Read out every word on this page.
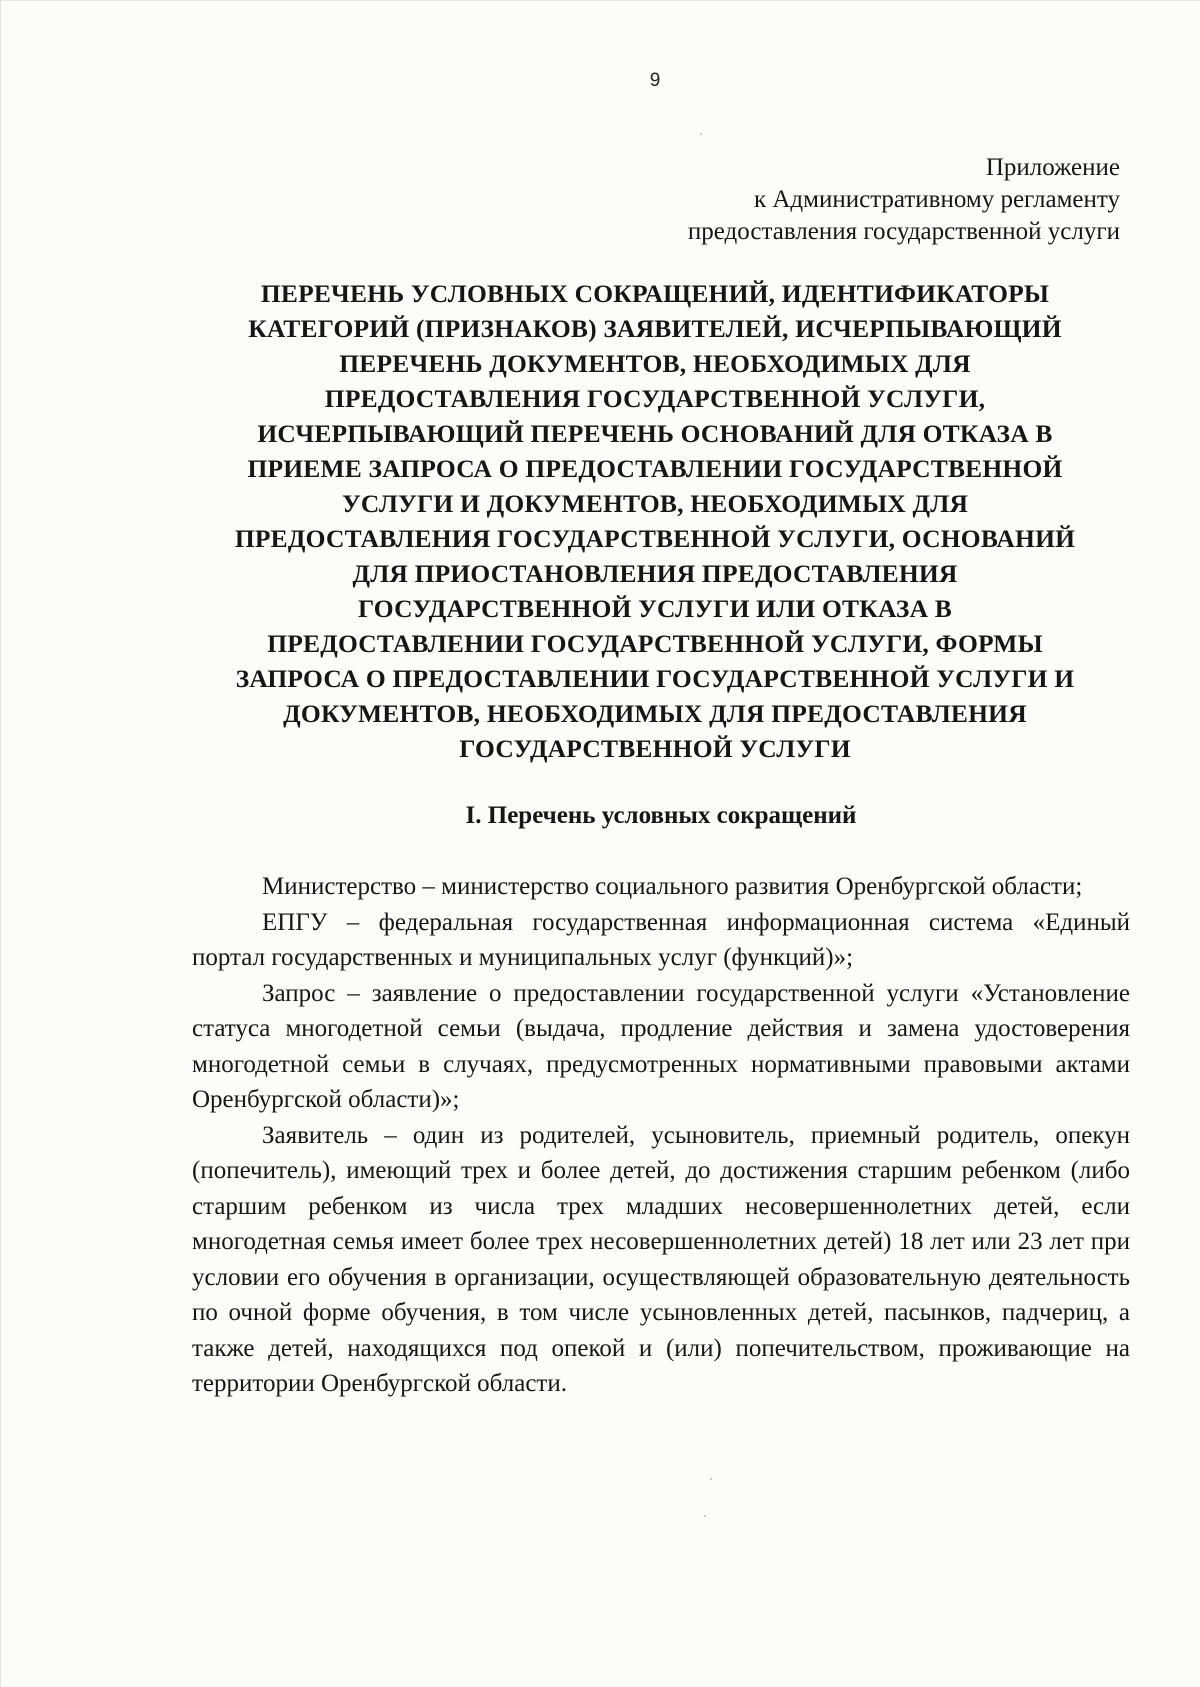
9
Приложение
к Административному регламенту
предоставления государственной услуги
ПЕРЕЧЕНЬ УСЛОВНЫХ СОКРАЩЕНИЙ, ИДЕНТИФИКАТОРЫ
КАТЕГОРИЙ (ПРИЗНАКОВ) ЗАЯВИТЕЛЕЙ, ИСЧЕРПЫВАЮЩИЙ
ПЕРЕЧЕНЬ ДОКУМЕНТОВ, НЕОБХОДИМЫХ ДЛЯ
ПРЕДОСТАВЛЕНИЯ ГОСУДАРСТВЕННОЙ УСЛУГИ,
ИСЧЕРПЫВАЮЩИЙ ПЕРЕЧЕНЬ ОСНОВАНИЙ ДЛЯ ОТКАЗА В
ПРИЕМЕ ЗАПРОСА О ПРЕДОСТАВЛЕНИИ ГОСУДАРСТВЕННОЙ
УСЛУГИ И ДОКУМЕНТОВ, НЕОБХОДИМЫХ ДЛЯ
ПРЕДОСТАВЛЕНИЯ ГОСУДАРСТВЕННОЙ УСЛУГИ, ОСНОВАНИЙ
ДЛЯ ПРИОСТАНОВЛЕНИЯ ПРЕДОСТАВЛЕНИЯ
ГОСУДАРСТВЕННОЙ УСЛУГИ ИЛИ ОТКАЗА В
ПРЕДОСТАВЛЕНИИ ГОСУДАРСТВЕННОЙ УСЛУГИ, ФОРМЫ
ЗАПРОСА О ПРЕДОСТАВЛЕНИИ ГОСУДАРСТВЕННОЙ УСЛУГИ И
ДОКУМЕНТОВ, НЕОБХОДИМЫХ ДЛЯ ПРЕДОСТАВЛЕНИЯ
ГОСУДАРСТВЕННОЙ УСЛУГИ
I. Перечень условных сокращений

Министерство – министерство социального развития Оренбургской области;

ЕПГУ – федеральная государственная информационная система «Единый портал государственных и муниципальных услуг (функций)»;

Запрос – заявление о предоставлении государственной услуги «Установление статуса многодетной семьи (выдача, продление действия и замена удостоверения многодетной семьи в случаях, предусмотренных нормативными правовыми актами Оренбургской области)»;

Заявитель – один из родителей, усыновитель, приемный родитель, опекун (попечитель), имеющий трех и более детей, до достижения старшим ребенком (либо старшим ребенком из числа трех младших несовершеннолетних детей, если многодетная семья имеет более трех несовершеннолетних детей) 18 лет или 23 лет при условии его обучения в организации, осуществляющей образовательную деятельность по очной форме обучения, в том числе усыновленных детей, пасынков, падчериц, а также детей, находящихся под опекой и (или) попечительством, проживающие на территории Оренбургской области.
